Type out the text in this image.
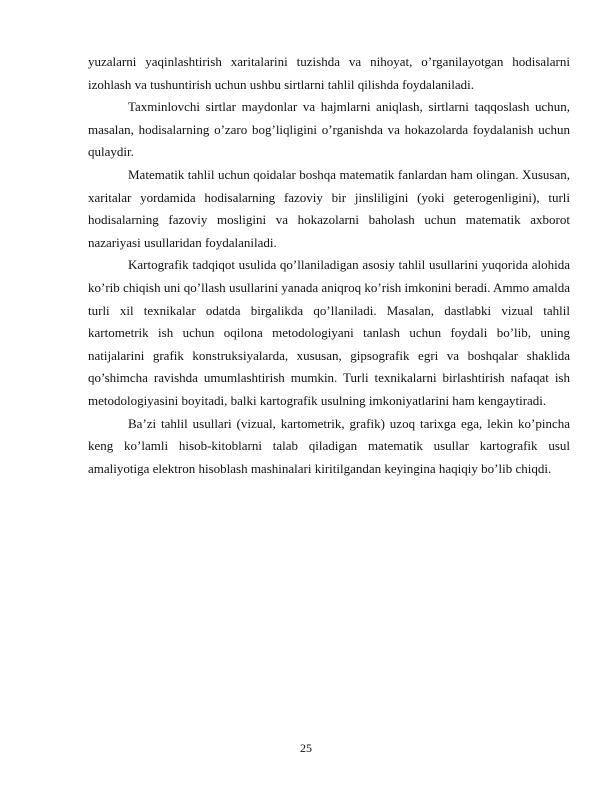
yuzalarni yaqinlashtirish xaritalarini tuzishda va nihoyat, o’rganilayotgan hodisalarni izohlash va tushuntirish uchun ushbu sirtlarni tahlil qilishda foydalaniladi.

Taxminlovchi sirtlar maydonlar va hajmlarni aniqlash, sirtlarni taqqoslash uchun, masalan, hodisalarning o’zaro bog’liqligini o’rganishda va hokazolarda foydalanish uchun qulaydir.

Matematik tahlil uchun qoidalar boshqa matematik fanlardan ham olingan. Xususan, xaritalar yordamida hodisalarning fazoviy bir jinsliligini (yoki geterogenligini), turli hodisalarning fazoviy mosligini va hokazolarni baholash uchun matematik axborot nazariyasi usullaridan foydalaniladi.

Kartografik tadqiqot usulida qo’llaniladigan asosiy tahlil usullarini yuqorida alohida ko’rib chiqish uni qo’llash usullarini yanada aniqroq ko’rish imkonini beradi. Ammo amalda turli xil texnikalar odatda birgalikda qo’llaniladi. Masalan, dastlabki vizual tahlil kartometrik ish uchun oqilona metodologiyani tanlash uchun foydali bo’lib, uning natijalarini grafik konstruksiyalarda, xususan, gipsografik egri va boshqalar shaklida qo’shimcha ravishda umumlashtirish mumkin. Turli texnikalarni birlashtirish nafaqat ish metodologiyasini boyitadi, balki kartografik usulning imkoniyatlarini ham kengaytiradi.

Ba’zi tahlil usullari (vizual, kartometrik, grafik) uzoq tarixga ega, lekin ko’pincha keng ko’lamli hisob-kitoblarni talab qiladigan matematik usullar kartografik usul amaliyotiga elektron hisoblash mashinalari kiritilgandan keyingina haqiqiy bo’lib chiqdi.

25
